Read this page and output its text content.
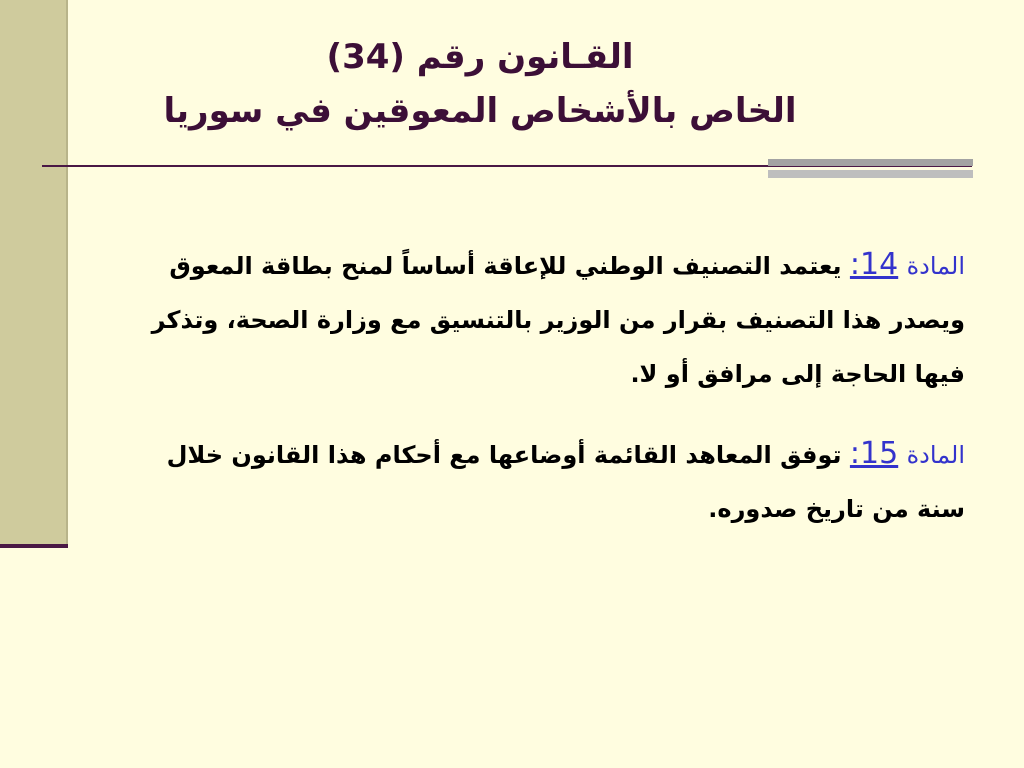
القـانون رقم (34)
الخاص بالأشخاص المعوقين في سوريا

المادة 14: يعتمد التصنيف الوطني للإعاقة أساساً لمنح بطاقة المعوق ويصدر هذا التصنيف بقرار من الوزير بالتنسيق مع وزارة الصحة، وتذكر فيها الحاجة إلى مرافق أو لا.

المادة 15: توفق المعاهد القائمة أوضاعها مع أحكام هذا القانون خلال سنة من تاريخ صدوره.
